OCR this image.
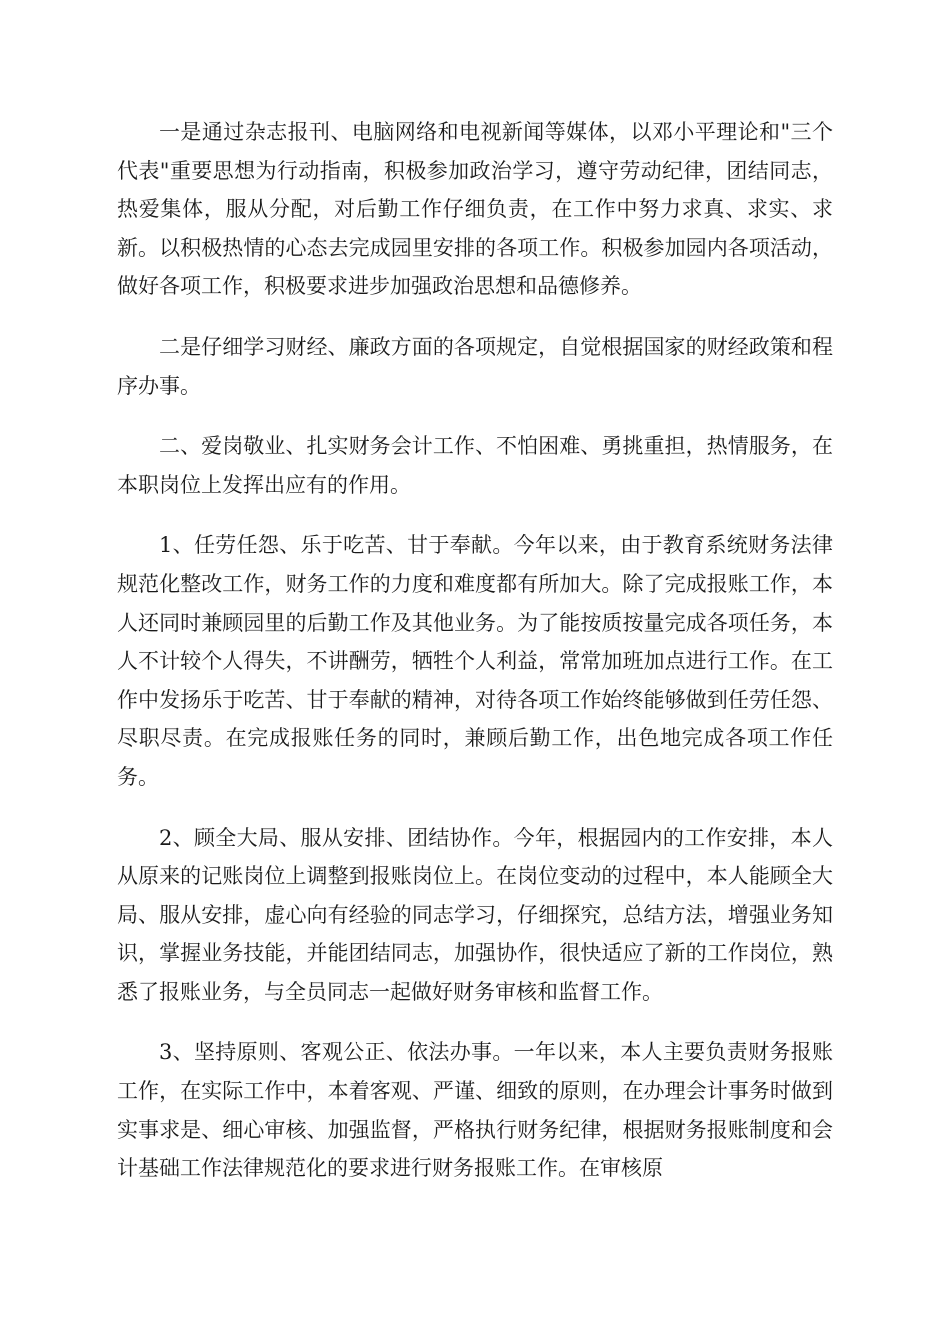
一是通过杂志报刊、电脑网络和电视新闻等媒体，以邓小平理论和"三个代表"重要思想为行动指南，积极参加政治学习，遵守劳动纪律，团结同志，热爱集体，服从分配，对后勤工作仔细负责，在工作中努力求真、求实、求新。以积极热情的心态去完成园里安排的各项工作。积极参加园内各项活动，做好各项工作，积极要求进步加强政治思想和品德修养。

二是仔细学习财经、廉政方面的各项规定，自觉根据国家的财经政策和程序办事。

二、爱岗敬业、扎实财务会计工作、不怕困难、勇挑重担，热情服务，在本职岗位上发挥出应有的作用。

1、任劳任怨、乐于吃苦、甘于奉献。今年以来，由于教育系统财务法律规范化整改工作，财务工作的力度和难度都有所加大。除了完成报账工作，本人还同时兼顾园里的后勤工作及其他业务。为了能按质按量完成各项任务，本人不计较个人得失，不讲酬劳，牺牲个人利益，常常加班加点进行工作。在工作中发扬乐于吃苦、甘于奉献的精神，对待各项工作始终能够做到任劳任怨、尽职尽责。在完成报账任务的同时，兼顾后勤工作，出色地完成各项工作任务。

2、顾全大局、服从安排、团结协作。今年，根据园内的工作安排，本人从原来的记账岗位上调整到报账岗位上。在岗位变动的过程中，本人能顾全大局、服从安排，虚心向有经验的同志学习，仔细探究，总结方法，增强业务知识，掌握业务技能，并能团结同志，加强协作，很快适应了新的工作岗位，熟悉了报账业务，与全员同志一起做好财务审核和监督工作。

3、坚持原则、客观公正、依法办事。一年以来，本人主要负责财务报账工作，在实际工作中，本着客观、严谨、细致的原则，在办理会计事务时做到实事求是、细心审核、加强监督，严格执行财务纪律，根据财务报账制度和会计基础工作法律规范化的要求进行财务报账工作。在审核原
